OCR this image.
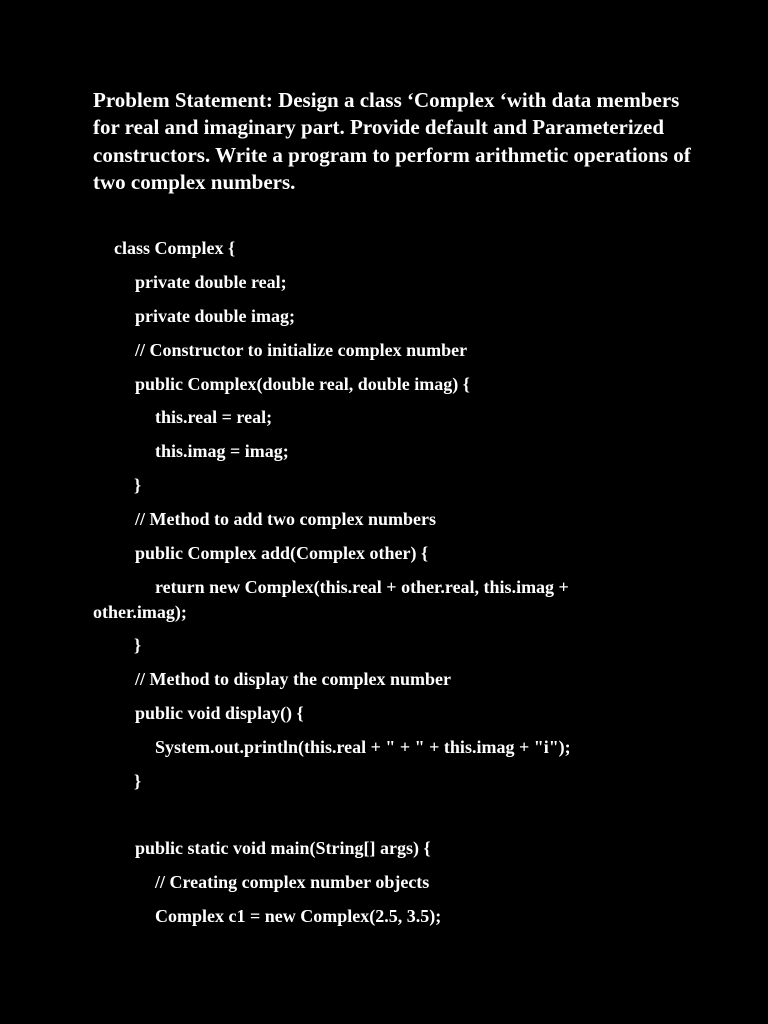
Problem Statement: Design a class ‘Complex ‘with data members for real and imaginary part. Provide default and Parameterized constructors. Write a program to perform arithmetic operations of two complex numbers.

class Complex {

private double real;

private double imag;

// Constructor to initialize complex number

public Complex(double real, double imag) {

this.real = real;

this.imag = imag;

}

// Method to add two complex numbers

public Complex add(Complex other) {

return new Complex(this.real + other.real, this.imag + other.imag);

}

// Method to display the complex number

public void display() {

System.out.println(this.real + " + " + this.imag + "i");

}

public static void main(String[] args) {

// Creating complex number objects

Complex c1 = new Complex(2.5, 3.5);
